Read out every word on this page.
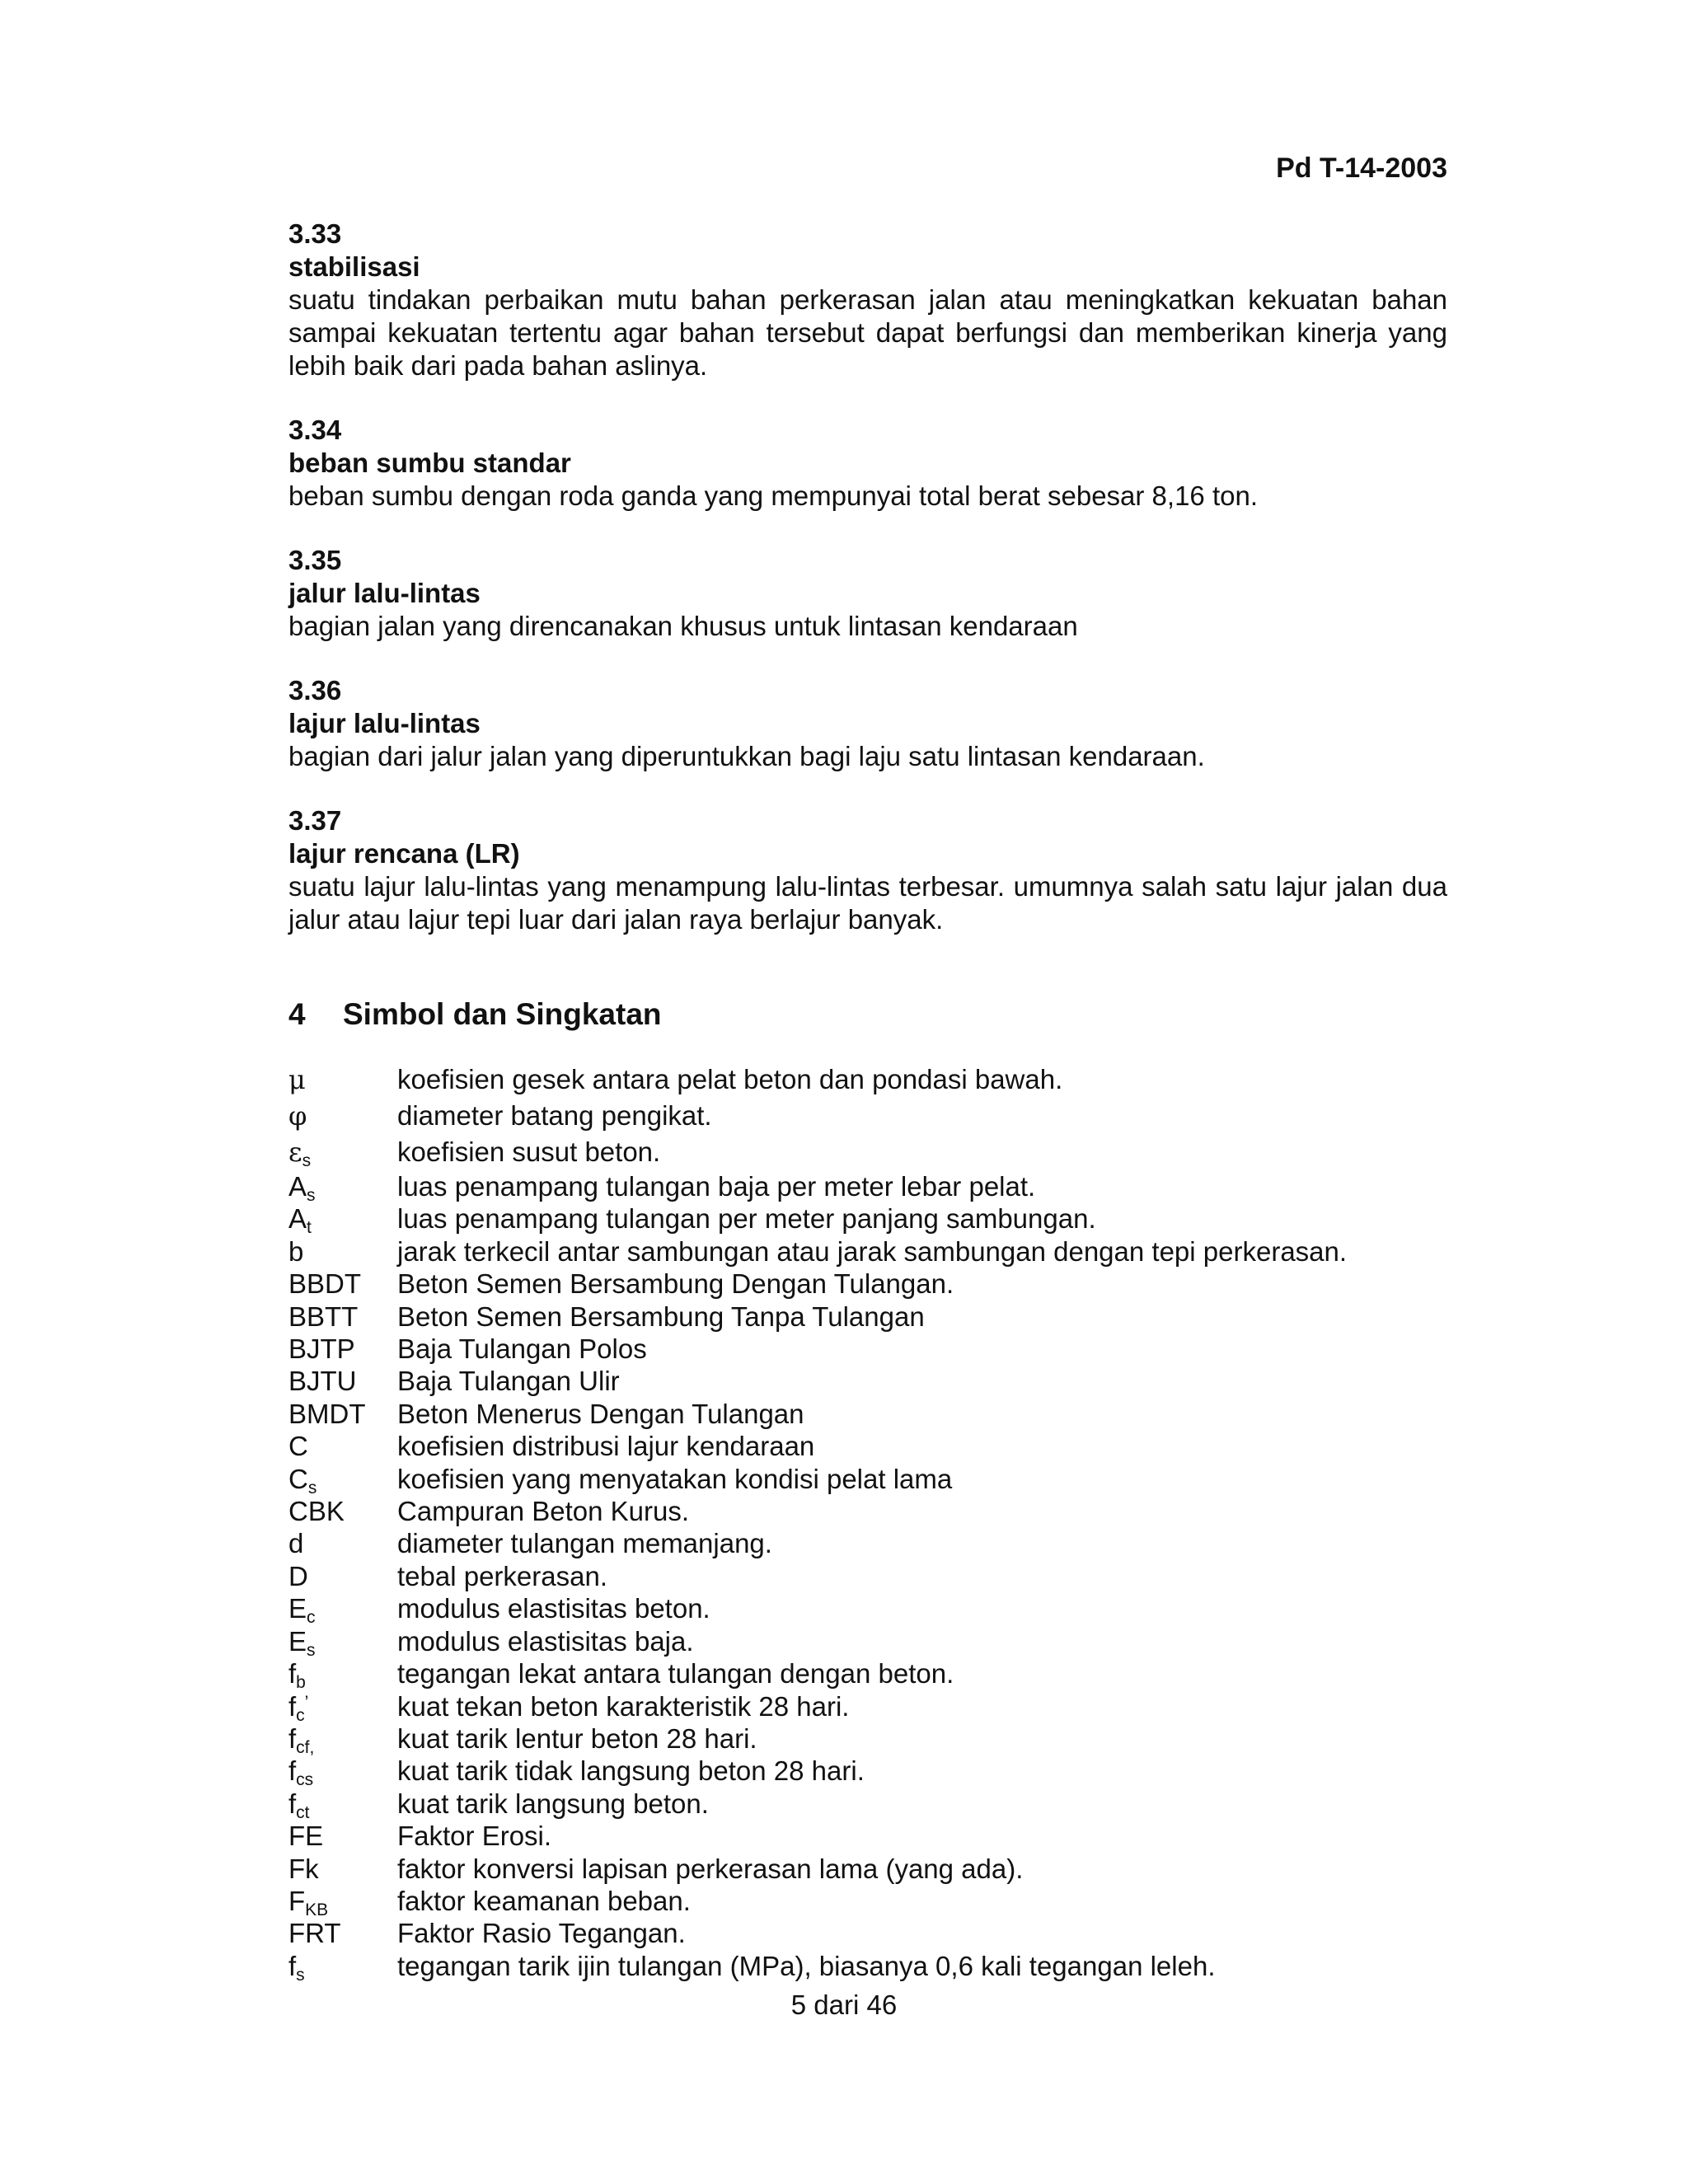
Pd T-14-2003
3.33
stabilisasi
suatu tindakan perbaikan mutu bahan perkerasan jalan atau meningkatkan kekuatan bahan sampai kekuatan tertentu agar bahan tersebut dapat berfungsi dan memberikan kinerja yang lebih baik dari pada bahan aslinya.
3.34
beban sumbu standar
beban sumbu dengan roda ganda yang mempunyai total berat sebesar 8,16 ton.
3.35
jalur lalu-lintas
bagian jalan yang direncanakan khusus untuk lintasan kendaraan
3.36
lajur lalu-lintas
bagian dari jalur jalan yang diperuntukkan bagi laju satu lintasan kendaraan.
3.37
lajur rencana (LR)
suatu lajur lalu-lintas yang menampung lalu-lintas terbesar. umumnya salah satu lajur jalan dua jalur atau lajur tepi luar dari jalan raya berlajur banyak.
4	Simbol dan Singkatan
μ	koefisien gesek antara pelat beton dan pondasi bawah.
φ	diameter batang pengikat.
$\varepsilon_s$	koefisien susut beton.
$A_s$	luas penampang tulangan baja per meter lebar pelat.
$A_t$	luas penampang tulangan per meter panjang sambungan.
b	jarak terkecil antar sambungan atau jarak sambungan dengan tepi perkerasan.
BBDT	Beton Semen Bersambung Dengan Tulangan.
BBTT	Beton Semen Bersambung Tanpa Tulangan
BJTP	Baja Tulangan Polos
BJTU	Baja Tulangan Ulir
BMDT	Beton Menerus Dengan Tulangan
C	koefisien distribusi lajur kendaraan
$C_s$	koefisien yang menyatakan kondisi pelat lama
CBK	Campuran Beton Kurus.
d	diameter tulangan memanjang.
D	tebal perkerasan.
$E_c$	modulus elastisitas beton.
$E_s$	modulus elastisitas baja.
$f_b$	tegangan lekat antara tulangan dengan beton.
$f_c^’$	kuat tekan beton karakteristik 28 hari.
$f_{cf,}$	kuat tarik lentur beton 28 hari.
$f_{cs}$	kuat tarik tidak langsung beton 28 hari.
$f_{ct}$	kuat tarik langsung beton.
FE	Faktor Erosi.
Fk	faktor konversi lapisan perkerasan lama (yang ada).
$F_{KB}$	faktor keamanan beban.
FRT	Faktor Rasio Tegangan.
$f_s$	tegangan tarik ijin tulangan (MPa), biasanya 0,6 kali tegangan leleh.
5 dari 46
